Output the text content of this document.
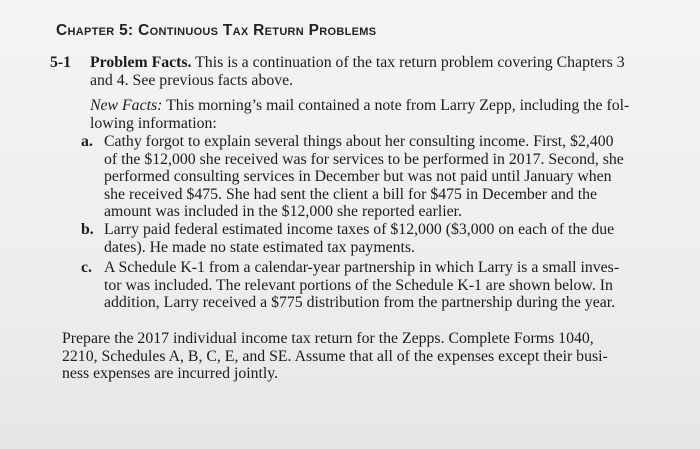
Chapter 5: Continuous Tax Return Problems
5-1 Problem Facts. This is a continuation of the tax return problem covering Chapters 3
and 4. See previous facts above.
New Facts: This morning’s mail contained a note from Larry Zepp, including the fol-
lowing information:
a. Cathy forgot to explain several things about her consulting income. First, $2,400
of the $12,000 she received was for services to be performed in 2017. Second, she
performed consulting services in December but was not paid until January when
she received $475. She had sent the client a bill for $475 in December and the
amount was included in the $12,000 she reported earlier.
b. Larry paid federal estimated income taxes of $12,000 ($3,000 on each of the due
dates). He made no state estimated tax payments.
c. A Schedule K-1 from a calendar-year partnership in which Larry is a small inves-
tor was included. The relevant portions of the Schedule K-1 are shown below. In
addition, Larry received a $775 distribution from the partnership during the year.
Prepare the 2017 individual income tax return for the Zepps. Complete Forms 1040,
2210, Schedules A, B, C, E, and SE. Assume that all of the expenses except their busi-
ness expenses are incurred jointly.
